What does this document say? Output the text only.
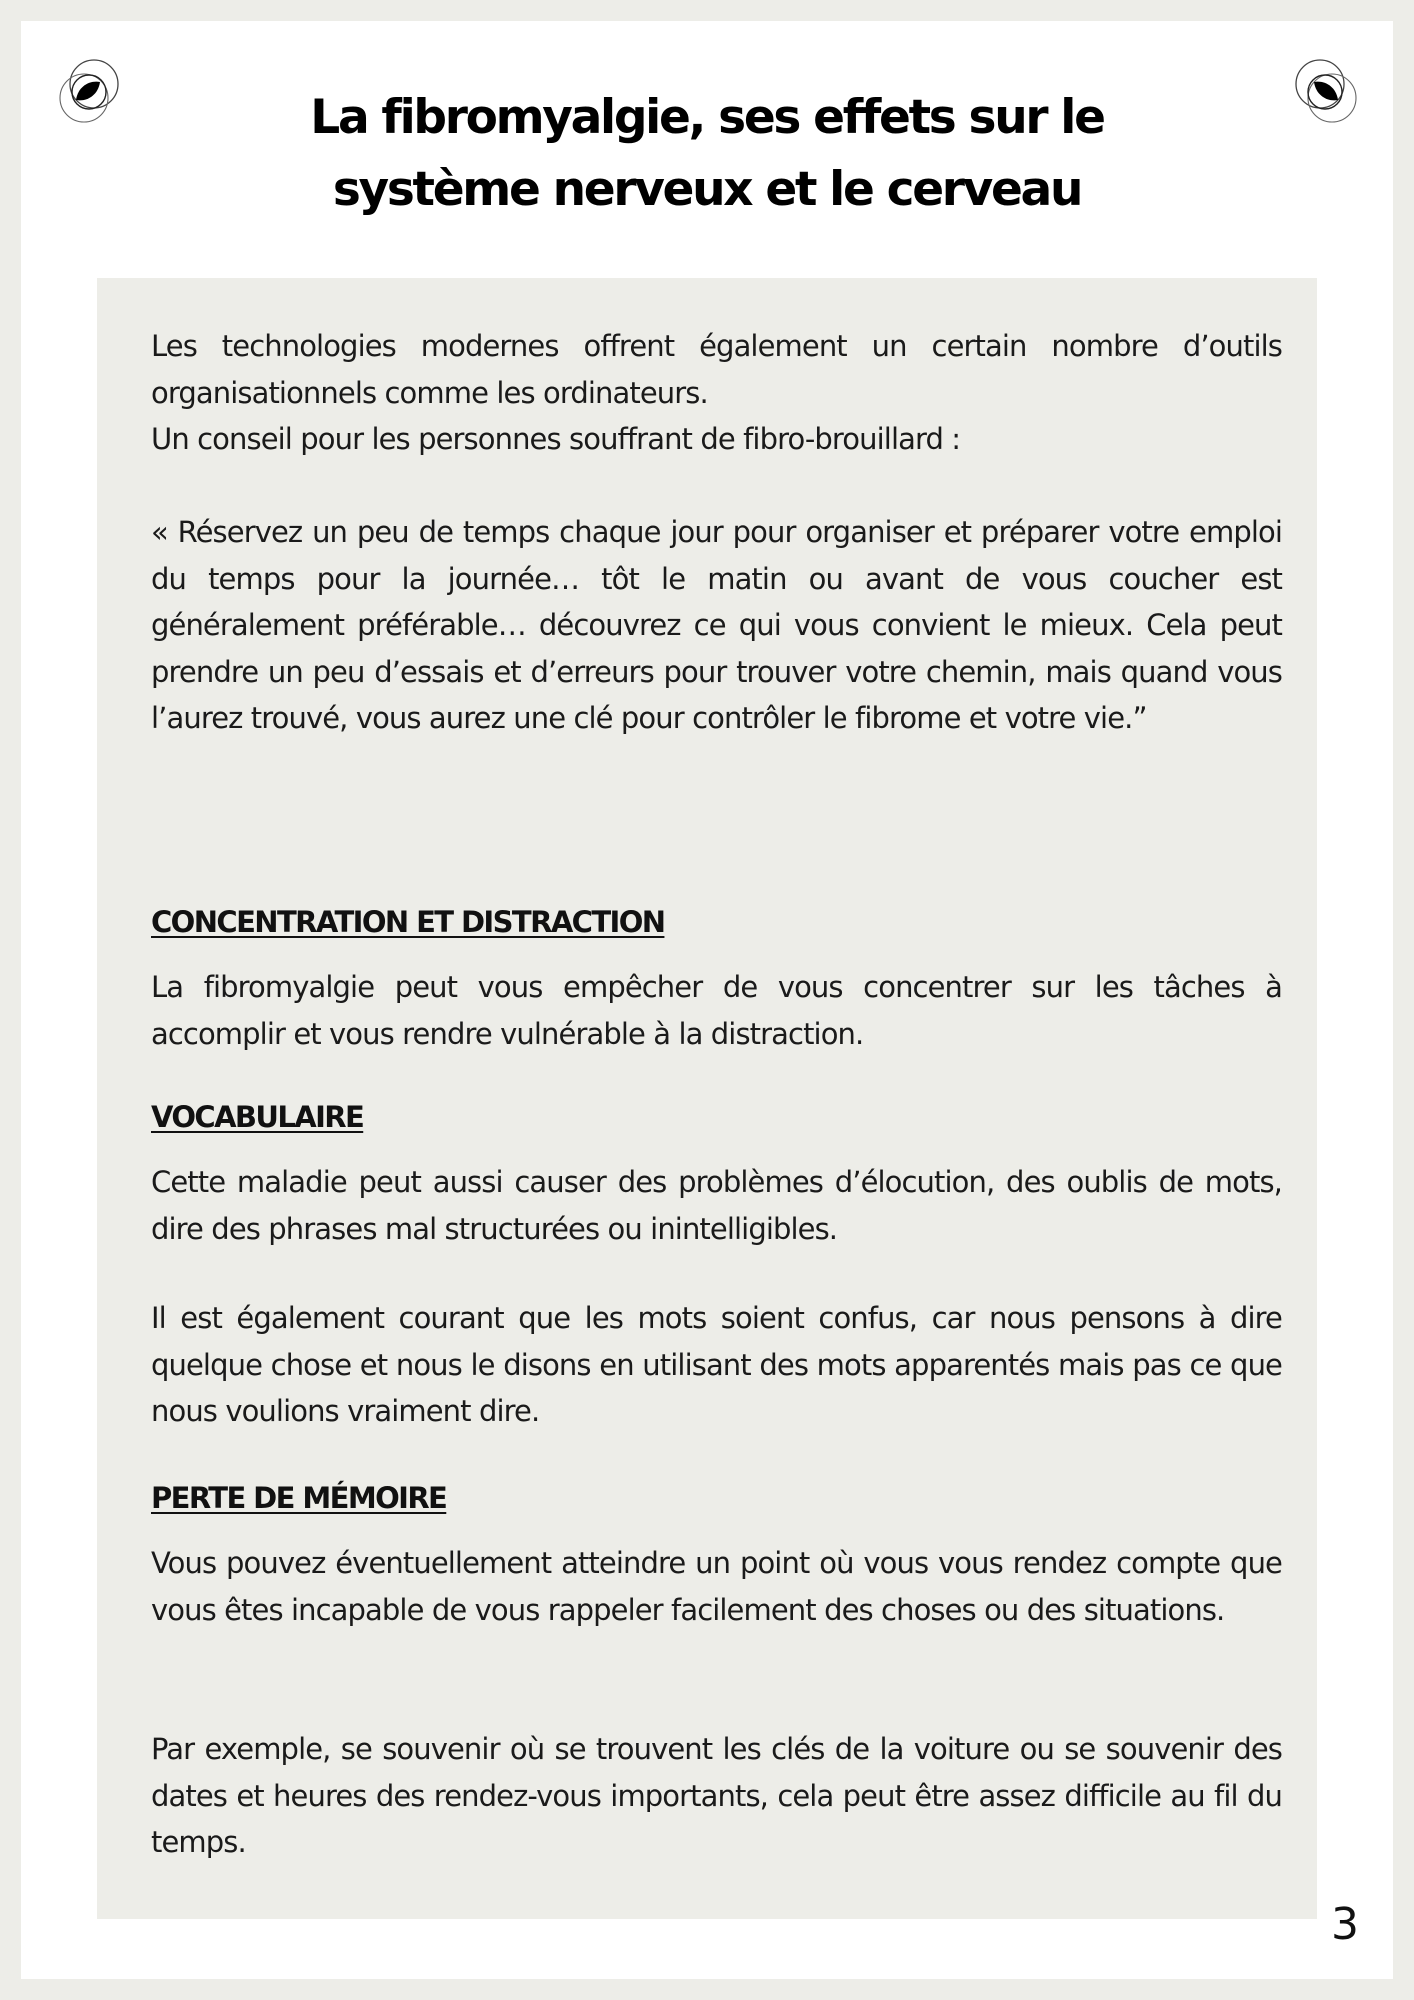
La fibromyalgie, ses effets sur le
système nerveux et le cerveau

Les technologies modernes offrent également un certain nombre d’outils organisationnels comme les ordinateurs.

Un conseil pour les personnes souffrant de fibro-brouillard :

« Réservez un peu de temps chaque jour pour organiser et préparer votre emploi du temps pour la journée… tôt le matin ou avant de vous coucher est généralement préférable… découvrez ce qui vous convient le mieux. Cela peut prendre un peu d’essais et d’erreurs pour trouver votre chemin, mais quand vous l’aurez trouvé, vous aurez une clé pour contrôler le fibrome et votre vie.”

CONCENTRATION ET DISTRACTION

La fibromyalgie peut vous empêcher de vous concentrer sur les tâches à accomplir et vous rendre vulnérable à la distraction.

VOCABULAIRE

Cette maladie peut aussi causer des problèmes d’élocution, des oublis de mots, dire des phrases mal structurées ou inintelligibles.

Il est également courant que les mots soient confus, car nous pensons à dire quelque chose et nous le disons en utilisant des mots apparentés mais pas ce que nous voulions vraiment dire.

PERTE DE MÉMOIRE

Vous pouvez éventuellement atteindre un point où vous vous rendez compte que vous êtes incapable de vous rappeler facilement des choses ou des situations.

Par exemple, se souvenir où se trouvent les clés de la voiture ou se souvenir des dates et heures des rendez-vous importants, cela peut être assez difficile au fil du temps.

3
